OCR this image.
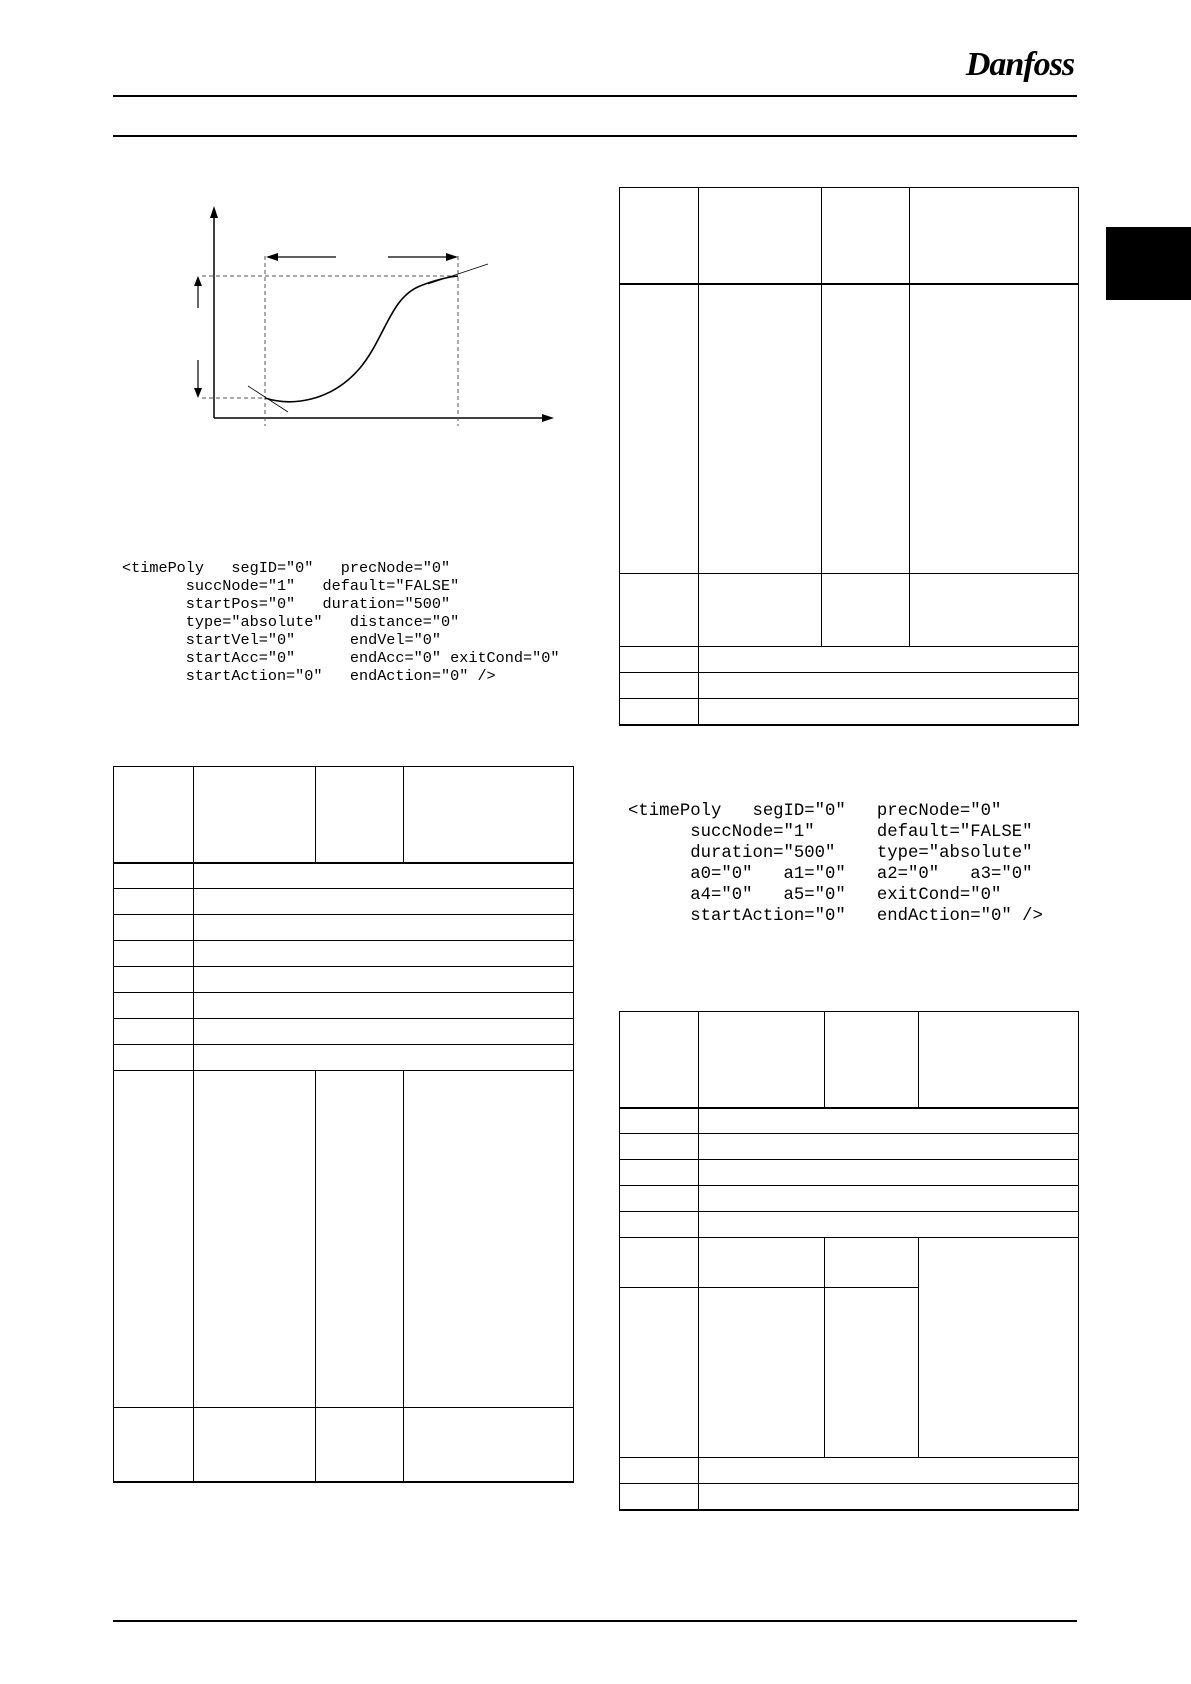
Danfoss
<timePoly   segID="0"   precNode="0"
succNode="1"   default="FALSE"
startPos="0"   duration="500"
type="absolute"   distance="0"
startVel="0"      endVel="0"
startAcc="0"      endAcc="0" exitCond="0"
startAction="0"   endAction="0" />
<timePoly   segID="0"   precNode="0"
succNode="1"      default="FALSE"
duration="500"    type="absolute"
a0="0"   a1="0"   a2="0"   a3="0"
a4="0"   a5="0"   exitCond="0"
startAction="0"   endAction="0" />
